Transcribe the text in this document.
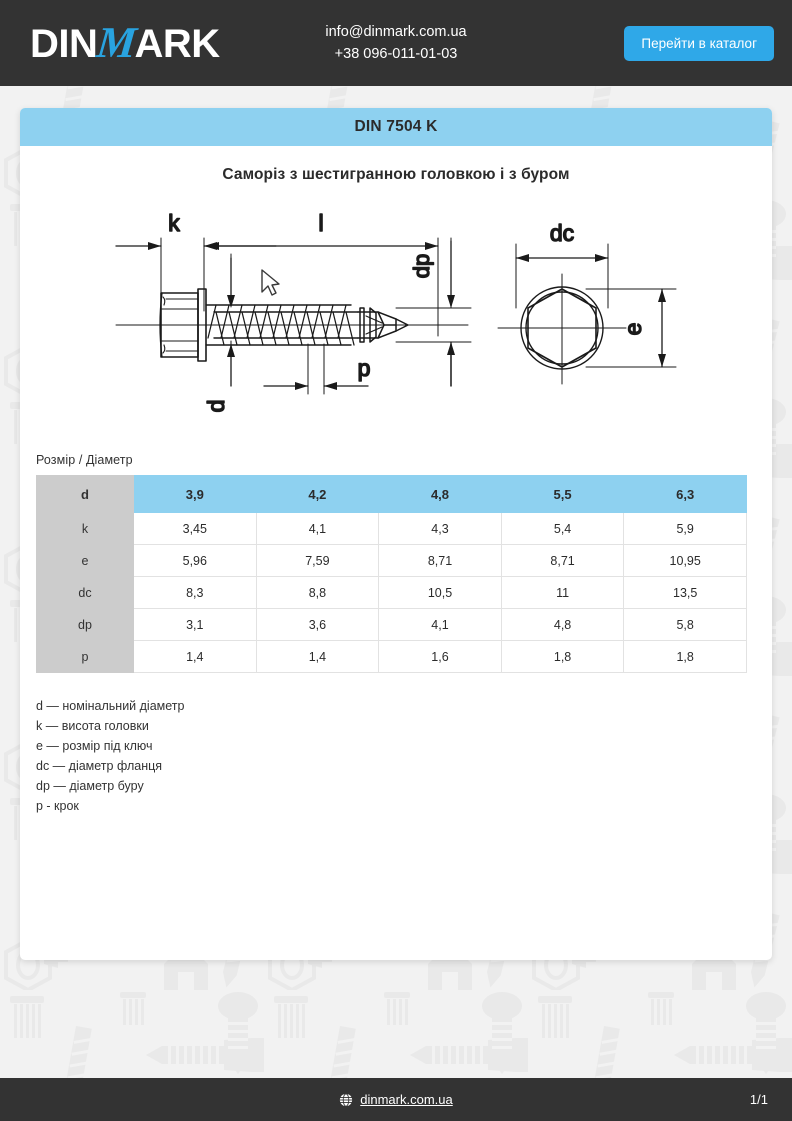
DINMARK	info@dinmark.com.ua
+38 096-011-01-03
Перейти в каталог
DIN 7504 K
Саморіз з шестигранною головкою і з буром
k	l
d
p
dp
dc
e
Розмір / Діаметр
d	3,9	4,2	4,8	5,5	6,3
k	3,45	4,1	4,3	5,4	5,9
e	5,96	7,59	8,71	8,71	10,95
dc	8,3	8,8	10,5	11	13,5
dp	3,1	3,6	4,1	4,8	5,8
p	1,4	1,4	1,6	1,8	1,8
d — номінальний діаметр
k — висота головки
e — розмір під ключ
dc — діаметр фланця
dp — діаметр буру
p - крок
dinmark.com.ua	1/1
